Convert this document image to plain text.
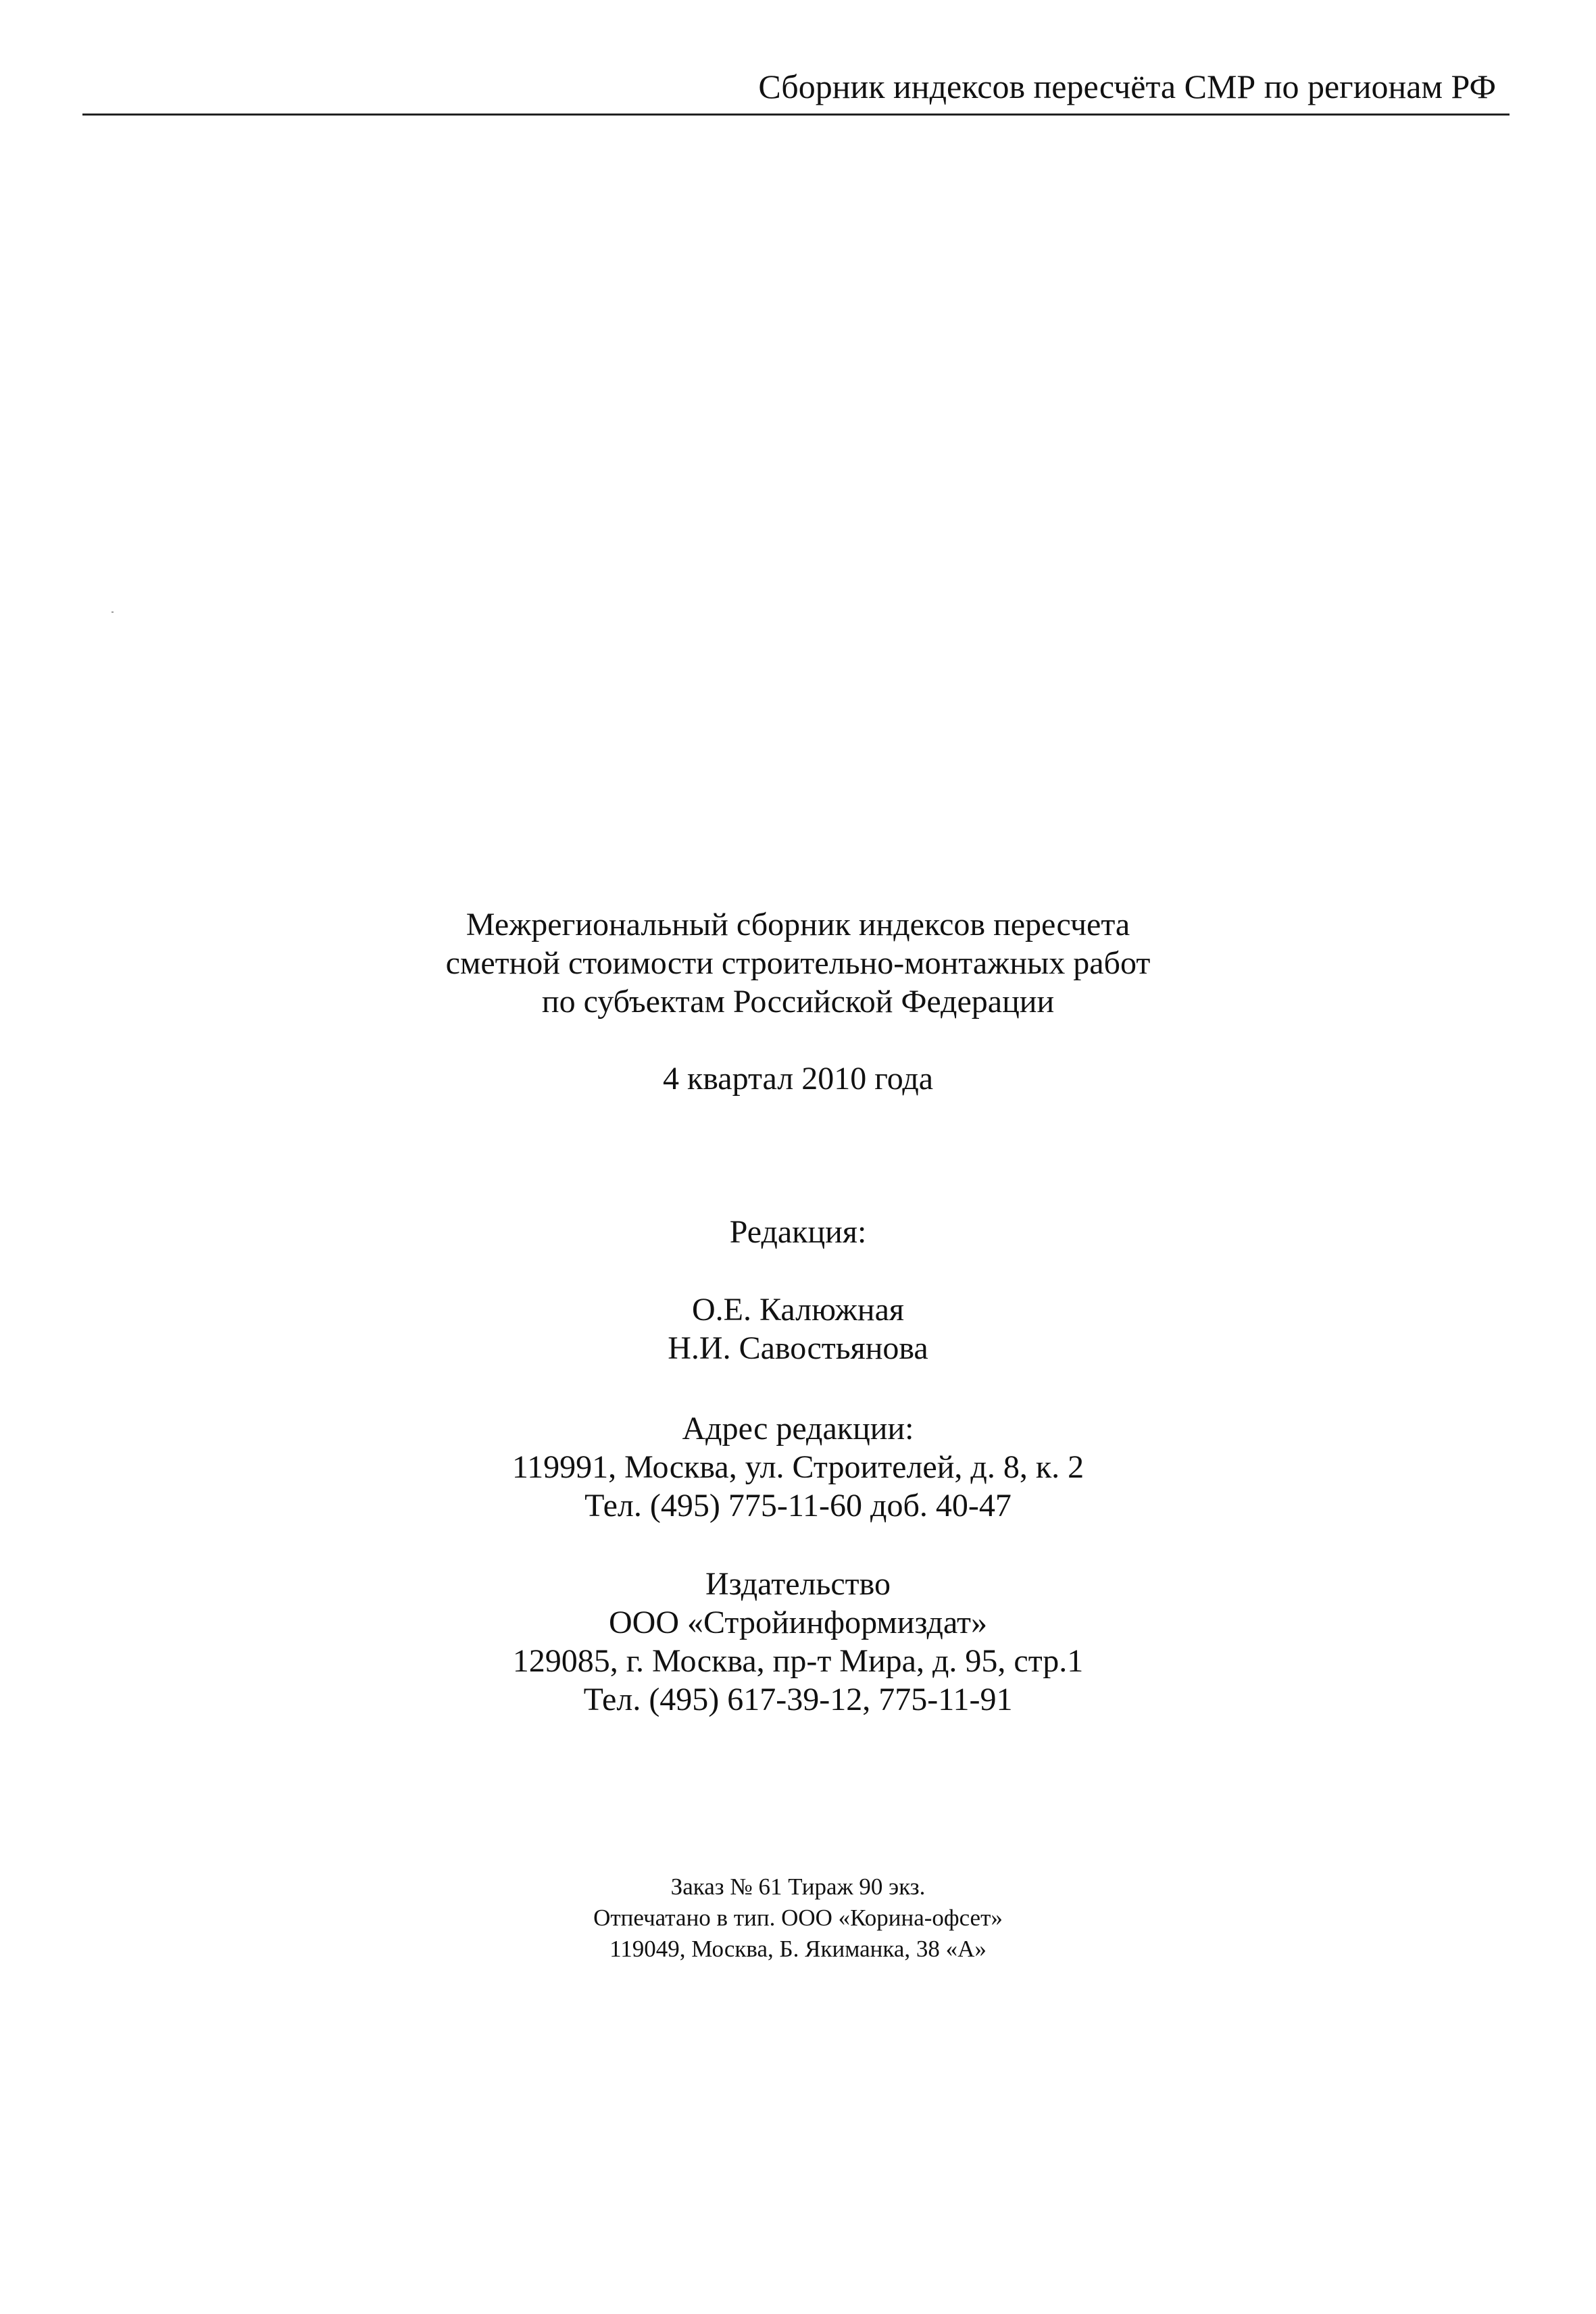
Сборник индексов пересчёта СМР по регионам РФ
Межрегиональный сборник индексов пересчета
сметной стоимости строительно-монтажных работ
по субъектам Российской Федерации
4 квартал 2010 года
Редакция:
О.Е. Калюжная
Н.И. Савостьянова
Адрес редакции:
119991, Москва, ул. Строителей, д. 8, к. 2
Тел. (495) 775-11-60 доб. 40-47
Издательство
ООО «Стройинформиздат»
129085, г. Москва, пр-т Мира, д. 95, стр.1
Тел. (495) 617-39-12, 775-11-91
Заказ № 61 Тираж 90 экз.
Отпечатано в тип. ООО «Корина-офсет»
119049, Москва, Б. Якиманка, 38 «А»
